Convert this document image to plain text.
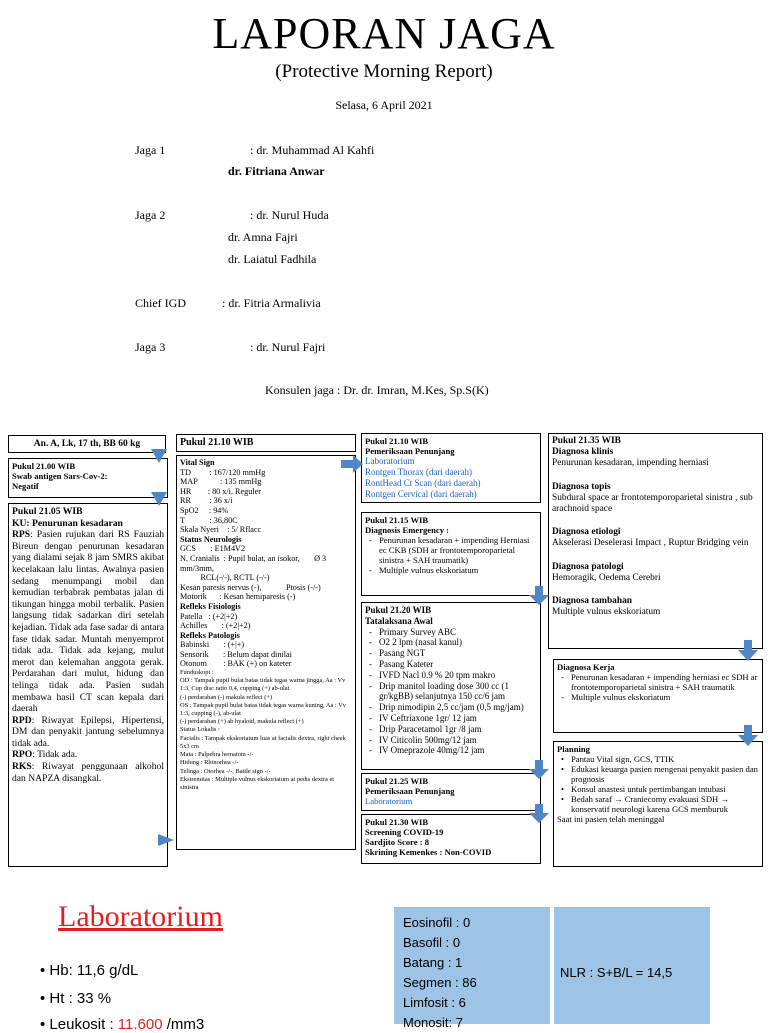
LAPORAN JAGA
(Protective Morning Report)
Selasa, 6 April 2021
Jaga 1	: dr. Muhammad Al Kahfi
dr. Fitriana Anwar
Jaga 2	: dr. Nurul Huda
dr. Amna Fajri
dr. Laiatul Fadhila
Chief IGD	: dr. Fitria Armalivia
Jaga 3	: dr. Nurul Fajri
Konsulen jaga : Dr. dr. Imran, M.Kes, Sp.S(K)
An. A, Lk, 17 th, BB 60 kg

Pukul 21.00 WIB

Swab antigen Sars-Cov-2:

Negatif

Pukul 21.05 WIB

KU: Penurunan kesadaran

RPS: Pasien rujukan dari RS Fauziah Bireun dengan penurunan kesadaran yang dialami sejak 8 jam SMRS akibat kecelakaan lalu lintas. Awalnya pasien sedang menumpangi mobil dan kemudian terbabrak pembatas jalan di tikungan hingga mobil terbalik. Pasien langsung tidak sadarkan diri setelah kejadian. Tidak ada fase sadar di antara fase tidak sadar. Muntah menyemprot tidak ada. Tidak ada kejang, mulut merot dan kelemahan anggota gerak. Perdarahan dari mulut, hidung dan telinga tidak ada. Pasien sudah membawa hasil CT scan kepala dari daerah

RPD: Riwayat Epilepsi, Hipertensi, DM dan penyakit jantung sebelumnya tidak ada.

RPO: Tidak ada.

RKS: Riwayat penggunaan alkohol dan NAPZA disangkal.

Pukul 21.10 WIB

Vital Sign

TD         : 167/120 mmHg
MAP           : 135 mmHg
HR        : 80 x/i, Reguler
RR         : 36 x/i
SpO2     : 94%
T            : 36,80C
Skala Nyeri    : 5/ Rflacc

Status Neurologis

GCS       : E1M4V2
N. Cranialis  : Pupil bulat, an isokor,       Ø 3 mm/3mm,
RCL(-/-), RCTL (-/-)
Kesan paresis nervus (-),            Ptosis (-/-)
Motorik      : Kesan hemiparesis (-)

Refleks Fisiologis

Patella   : (+2|+2)
Achilles       : (+2|+2)

Refleks Patologis

Babinski       : (+|+)
Sensorik       : Belum dapat dinilai
Otonom        : BAK (+) on kateter

Funduskopi :

OD : Tampak pupil bulat batas tidak tegas warna jingga, Aa : Vv 1:3, Cup disc ratio 0,4, cupping (+) ab-ulat

(-) perdarahan (-) makula reflect (+)

OS : Tampak pupil bulat batas tidak tegas warna kuning, Aa : Vv 1:3, cupping (-), ab-ulat

(-) perdarahan (+) ab hyaloid, makula reflect (+)

Status Lokalis :

Facialis : Tampak ekskoriatum luas at facialis dextra, right cheek 5x3 cm

Mata : Palpebra hematom -/-

Hidung : Rhinorhea -/-

Telinga : Otorhea -/-, Battle sign -/-

Ekstremitas : Multiple vulnus ekskoriatum at pedis dextra et sinistra

Pukul 21.10 WIB

Pemeriksaan Penunjang

Laboratorium

Rontgen Thorax (dari daerah)

RontHead Ct Scan (dari daerah)

Rontgen Cervical (dari daerah)

Pukul 21.15 WIB

Diagnosis Emergency :

- Penurunan kesadaran + impending Herniasi ec CKB (SDH ar frontotemporoparietal sinistra + SAH traumatik)
- Multiple vulnus ekskoriatum

Pukul 21.20 WIB

Tatalaksana Awal

- Primary Survey ABC
- O2 2 lpm (nasal kanul)
- Pasang NGT
- Pasang Kateter
- IVFD Nacl 0.9 % 20 tpm makro
- Drip manitol loading dose 300 cc (1 gr/kgBB) selanjutnya 150 cc/6 jam
- Drip nimodipin 2,5 cc/jam (0,5 mg/jam)
- IV Ceftriaxone 1gr/ 12 jam
- Drip Paracetamol 1gr /8 jam
- IV Citicolin 500mg/12 jam
- IV Omeprazole 40mg/12 jam

Pukul 21.25 WIB

Pemeriksaan Penunjang

Laboratorium

Pukul 21.30 WIB

Screening COVID-19

Sardjito Score : 8

Skrining Kemenkes : Non-COVID

Pukul 21.35 WIB

Diagnosa klinis

Penurunan kesadaran, impending herniasi

Diagnosa topis

Subdural space ar frontotemporoparietal sinistra , sub arachnoid space

Diagnosa etiologi

Akselerasi Deselerasi Impact , Ruptur Bridging vein

Diagnosa patologi

Hemoragik, Oedema Cerebri

Diagnosa tambahan

Multiple vulnus ekskoriatum

Diagnosa Kerja

- Penurunan kesadaran + impending herniasi ec SDH ar frontotemporoparietal sinistra + SAH traumatik
- Multiple vulnus ekskoriatum

Planning

• Pantau Vital sign, GCS, TTIK
• Edukasi keuarga pasien mengenai penyakit pasien dan prognosis
• Konsul anastesi untuk pertimbangan intubasi
• Bedah saraf → Craniecomy evakuasi SDH → konservatif neurologi karena GCS memburuk

Saat ini pasien telah meninggal

Laboratorium
• Hb: 11,6 g/dL
• Ht : 33 %
• Leukosit : 11.600 /mm3

Eosinofil : 0

Basofil : 0

Batang : 1

Segmen : 86

Limfosit : 6

Monosit: 7

NLR : S+B/L = 14,5
